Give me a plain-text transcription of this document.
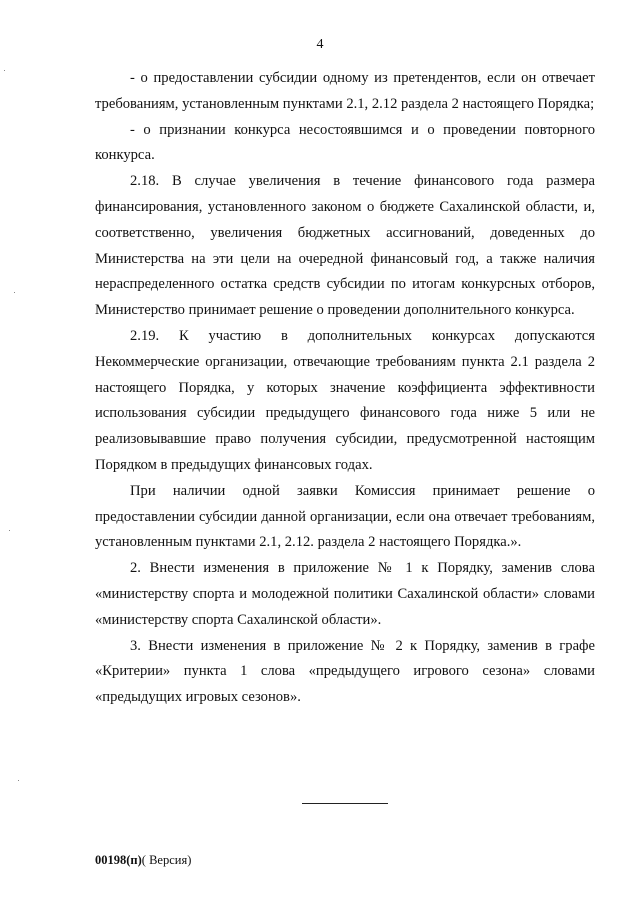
4

- о предоставлении субсидии одному из претендентов, если он отвечает требованиям, установленным пунктами 2.1, 2.12 раздела 2 настоящего Порядка;

- о признании конкурса несостоявшимся и о проведении повторного конкурса.

2.18. В случае увеличения в течение финансового года размера финансирования, установленного законом о бюджете Сахалинской области, и, соответственно, увеличения бюджетных ассигнований, доведенных до Министерства на эти цели на очередной финансовый год, а также наличия нераспределенного остатка средств субсидии по итогам конкурсных отборов, Министерство принимает решение о проведении дополнительного конкурса.

2.19. К участию в дополнительных конкурсах допускаются Некоммерческие организации, отвечающие требованиям пункта 2.1 раздела 2 настоящего Порядка, у которых значение коэффициента эффективности использования субсидии предыдущего финансового года ниже 5 или не реализовывавшие право получения субсидии, предусмотренной настоящим Порядком в предыдущих финансовых годах.

При наличии одной заявки Комиссия принимает решение о предоставлении субсидии данной организации, если она отвечает требованиям, установленным пунктами 2.1, 2.12. раздела 2 настоящего Порядка.».

2. Внести изменения в приложение № 1 к Порядку, заменив слова «министерству спорта и молодежной политики Сахалинской области» словами «министерству спорта Сахалинской области».

3. Внести изменения в приложение № 2 к Порядку, заменив в графе «Критерии» пункта 1 слова «предыдущего игрового сезона» словами «предыдущих игровых сезонов».

00198(п)( Версия)
